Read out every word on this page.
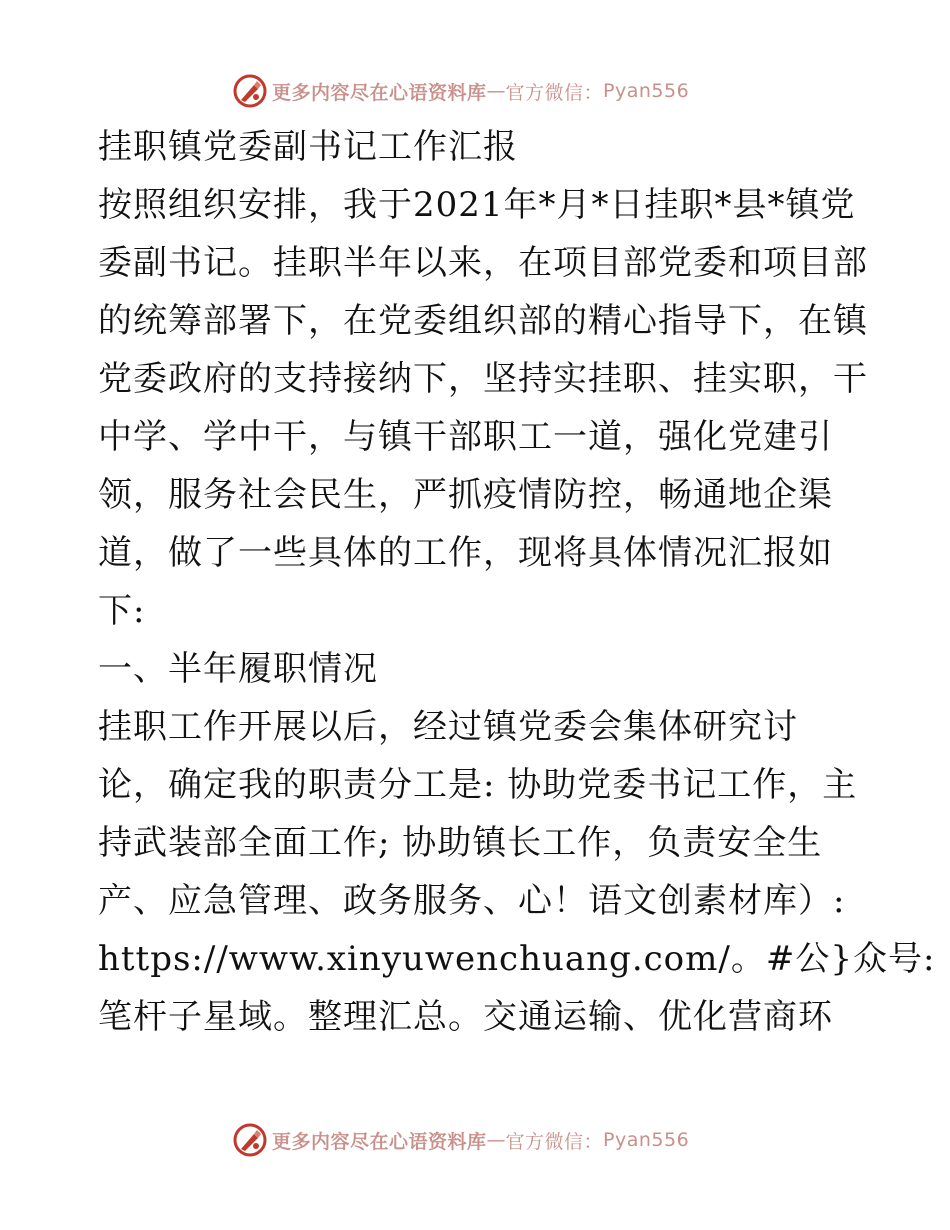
更多内容尽在心语资料库 — 官方微信： Pyan556
挂职镇党委副书记工作汇报
按照组织安排，我于2021年*月*日挂职*县*镇党
委副书记。挂职半年以来，在项目部党委和项目部
的统筹部署下，在党委组织部的精心指导下，在镇
党委政府的支持接纳下，坚持实挂职、挂实职，干
中学、学中干，与镇干部职工一道，强化党建引
领，服务社会民生，严抓疫情防控，畅通地企渠
道，做了一些具体的工作，现将具体情况汇报如
下:
一、半年履职情况
挂职工作开展以后，经过镇党委会集体研究讨
论，确定我的职责分工是: 协助党委书记工作，主
持武装部全面工作; 协助镇长工作，负责安全生
产、应急管理、政务服务、心！语文创素材库）:
https://www.xinyuwenchuang.com/。#公}众号:
笔杆子星域。整理汇总。交通运输、优化营商环
更多内容尽在心语资料库 — 官方微信： Pyan556
